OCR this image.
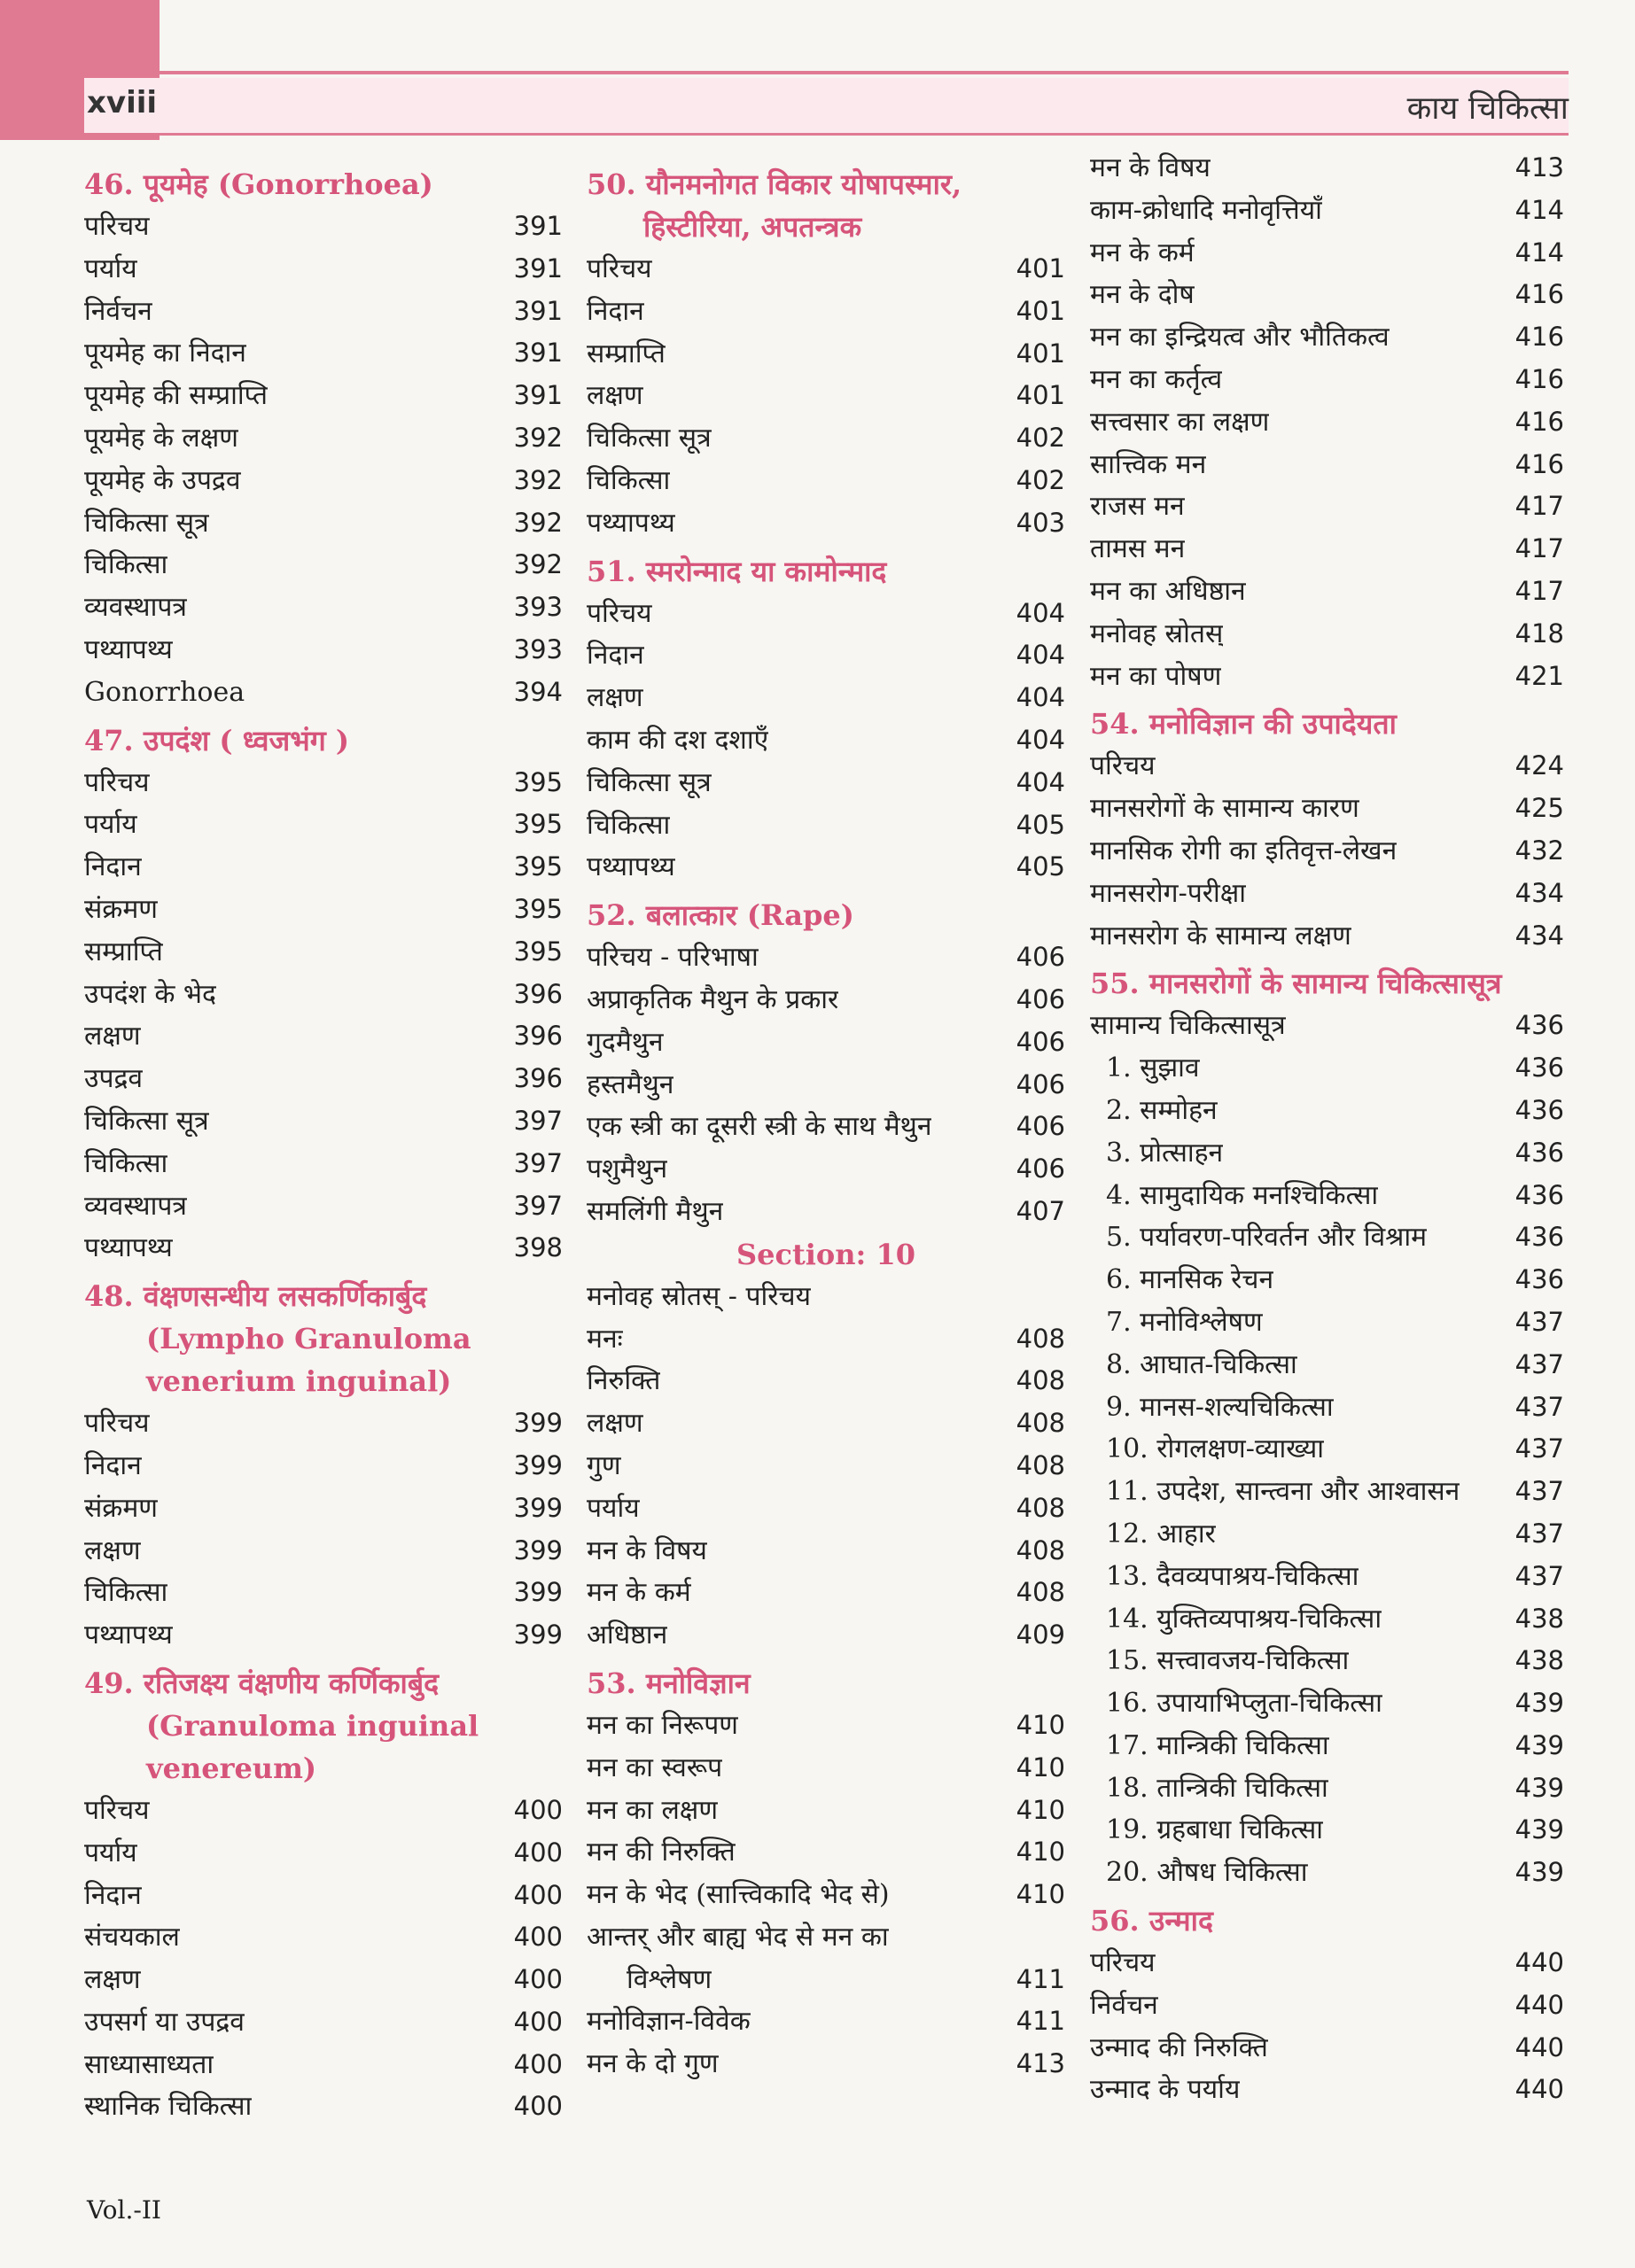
xviii	काय चिकित्सा
46. पूयमेह (Gonorrhoea)
परिचय	391
पर्याय	391
निर्वचन	391
पूयमेह का निदान	391
पूयमेह की सम्प्राप्ति	391
पूयमेह के लक्षण	392
पूयमेह के उपद्रव	392
चिकित्सा सूत्र	392
चिकित्सा	392
व्यवस्थापत्र	393
पथ्यापथ्य	393
Gonorrhoea	394
47. उपदंश ( ध्वजभंग )
परिचय	395
पर्याय	395
निदान	395
संक्रमण	395
सम्प्राप्ति	395
उपदंश के भेद	396
लक्षण	396
उपद्रव	396
चिकित्सा सूत्र	397
चिकित्सा	397
व्यवस्थापत्र	397
पथ्यापथ्य	398
48. वंक्षणसन्धीय लसकर्णिकार्बुद
(Lympho Granuloma
venerium inguinal)
परिचय	399
निदान	399
संक्रमण	399
लक्षण	399
चिकित्सा	399
पथ्यापथ्य	399
49. रतिजक्ष्य वंक्षणीय कर्णिकार्बुद
(Granuloma inguinal
venereum)
परिचय	400
पर्याय	400
निदान	400
संचयकाल	400
लक्षण	400
उपसर्ग या उपद्रव	400
साध्यासाध्यता	400
स्थानिक चिकित्सा	400
50. यौनमनोगत विकार योषापस्मार,
हिस्टीरिया, अपतन्त्रक
परिचय	401
निदान	401
सम्प्राप्ति	401
लक्षण	401
चिकित्सा सूत्र	402
चिकित्सा	402
पथ्यापथ्य	403
51. स्मरोन्माद या कामोन्माद
परिचय	404
निदान	404
लक्षण	404
काम की दश दशाएँ	404
चिकित्सा सूत्र	404
चिकित्सा	405
पथ्यापथ्य	405
52. बलात्कार (Rape)
परिचय - परिभाषा	406
अप्राकृतिक मैथुन के प्रकार	406
गुदमैथुन	406
हस्तमैथुन	406
एक स्त्री का दूसरी स्त्री के साथ मैथुन	406
पशुमैथुन	406
समलिंगी मैथुन	407
Section: 10
मनोवह स्रोतस् - परिचय
मनः	408
निरुक्ति	408
लक्षण	408
गुण	408
पर्याय	408
मन के विषय	408
मन के कर्म	408
अधिष्ठान	409
53. मनोविज्ञान
मन का निरूपण	410
मन का स्वरूप	410
मन का लक्षण	410
मन की निरुक्ति	410
मन के भेद (सात्त्विकादि भेद से)	410
आन्तर् और बाह्य भेद से मन का
विश्लेषण	411
मनोविज्ञान-विवेक	411
मन के दो गुण	413
मन के विषय	413
काम-क्रोधादि मनोवृत्तियाँ	414
मन के कर्म	414
मन के दोष	416
मन का इन्द्रियत्व और भौतिकत्व	416
मन का कर्तृत्व	416
सत्त्वसार का लक्षण	416
सात्त्विक मन	416
राजस मन	417
तामस मन	417
मन का अधिष्ठान	417
मनोवह स्रोतस्	418
मन का पोषण	421
54. मनोविज्ञान की उपादेयता
परिचय	424
मानसरोगों के सामान्य कारण	425
मानसिक रोगी का इतिवृत्त-लेखन	432
मानसरोग-परीक्षा	434
मानसरोग के सामान्य लक्षण	434
55. मानसरोगों के सामान्य चिकित्सासूत्र
सामान्य चिकित्सासूत्र	436
1. सुझाव	436
2. सम्मोहन	436
3. प्रोत्साहन	436
4. सामुदायिक मनश्चिकित्सा	436
5. पर्यावरण-परिवर्तन और विश्राम	436
6. मानसिक रेचन	436
7. मनोविश्लेषण	437
8. आघात-चिकित्सा	437
9. मानस-शल्यचिकित्सा	437
10. रोगलक्षण-व्याख्या	437
11. उपदेश, सान्त्वना और आश्वासन 437
12. आहार	437
13. दैवव्यपाश्रय-चिकित्सा	437
14. युक्तिव्यपाश्रय-चिकित्सा	438
15. सत्त्वावजय-चिकित्सा	438
16. उपायाभिप्लुता-चिकित्सा	439
17. मान्त्रिकी चिकित्सा	439
18. तान्त्रिकी चिकित्सा	439
19. ग्रहबाधा चिकित्सा	439
20. औषध चिकित्सा	439
56. उन्माद
परिचय	440
निर्वचन	440
उन्माद की निरुक्ति	440
उन्माद के पर्याय	440
Vol.-II
